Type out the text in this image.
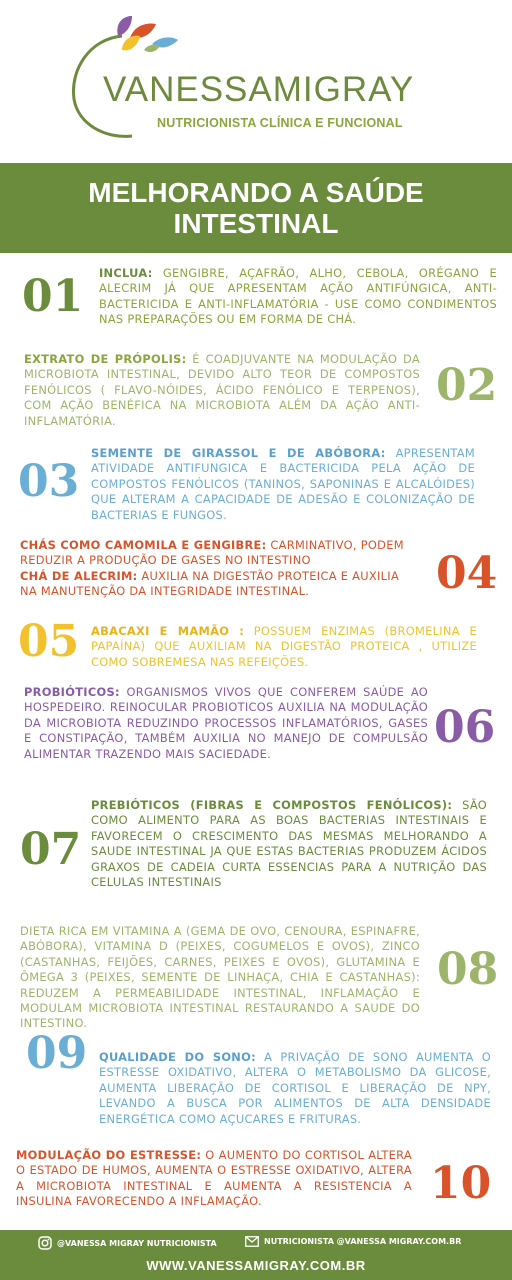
VANESSAMIGRAY
NUTRICIONISTA CLÍNICA E FUNCIONAL
MELHORANDO A SAÚDE INTESTINAL
01 INCLUA: GENGIBRE, AÇAFRÃO, ALHO, CEBOLA, ORÉGANO E ALECRIM JÁ QUE APRESENTAM AÇÃO ANTIFÚNGICA, ANTI-BACTERICIDA E ANTI-INFLAMATÓRIA - USE COMO CONDIMENTOS NAS PREPARAÇÕES OU EM FORMA DE CHÁ.
02
EXTRATO DE PRÓPOLIS: É COADJUVANTE NA MODULAÇÃO DA MICROBIOTA INTESTINAL, DEVIDO ALTO TEOR DE COMPOSTOS FENÓLICOS ( FLAVO-NÓIDES, ÁCIDO FENÓLICO E TERPENOS), COM AÇÃO BENÉFICA NA MICROBIOTA ALÉM DA AÇÃO ANTI-INFLAMATÓRIA.
03
SEMENTE DE GIRASSOL E DE ABÓBORA: APRESENTAM ATIVIDADE ANTIFUNGICA E BACTERICIDA PELA AÇÃO DE COMPOSTOS FENÓLICOS (TANINOS, SAPONINAS E ALCALÓIDES) QUE ALTERAM A CAPACIDADE DE ADESÃO E COLONIZAÇÃO DE BACTERIAS E FUNGOS.
04
CHÁS COMO CAMOMILA E GENGIBRE: CARMINATIVO, PODEM REDUZIR A PRODUÇÃO DE GASES NO INTESTINO
CHÁ DE ALECRIM: AUXILIA NA DIGESTÃO PROTEICA E AUXILIA NA MANUTENÇÃO DA INTEGRIDADE INTESTINAL.
05 ABACAXI E MAMÃO : POSSUEM ENZIMAS (BROMELINA E PAPAÍNA) QUE AUXILIAM NA DIGESTÃO PROTEICA , UTILIZE COMO SOBREMESA NAS REFEIÇÕES.
06
PROBIÓTICOS: ORGANISMOS VIVOS QUE CONFEREM SAÚDE AO HOSPEDEIRO. REINOCULAR PROBIOTICOS AUXILIA NA MODULAÇÃO DA MICROBIOTA REDUZINDO PROCESSOS INFLAMATÓRIOS, GASES E CONSTIPAÇÃO, TAMBÉM AUXILIA NO MANEJO DE COMPULSÃO ALIMENTAR TRAZENDO MAIS SACIEDADE.
07
PREBIÓTICOS (FIBRAS E COMPOSTOS FENÓLICOS): SÃO COMO ALIMENTO PARA AS BOAS BACTERIAS INTESTINAIS E FAVORECEM O CRESCIMENTO DAS MESMAS MELHORANDO A SAUDE INTESTINAL JA QUE ESTAS BACTERIAS PRODUZEM ÁCIDOS GRAXOS DE CADEIA CURTA ESSENCIAS PARA A NUTRIÇÃO DAS CELULAS INTESTINAIS
08
DIETA RICA EM VITAMINA A (GEMA DE OVO, CENOURA, ESPINAFRE, ABÓBORA), VITAMINA D (PEIXES, COGUMELOS E OVOS), ZINCO (CASTANHAS, FEIJÕES, CARNES, PEIXES E OVOS), GLUTAMINA E ÔMEGA 3 (PEIXES, SEMENTE DE LINHAÇA, CHIA E CASTANHAS): REDUZEM A PERMEABILIDADE INTESTINAL, INFLAMAÇÃO E MODULAM MICROBIOTA INTESTINAL RESTAURANDO A SAUDE DO INTESTINO.
09 QUALIDADE DO SONO: A PRIVAÇÃO DE SONO AUMENTA O ESTRESSE OXIDATIVO, ALTERA O METABOLISMO DA GLICOSE, AUMENTA LIBERAÇÃO DE CORTISOL E LIBERAÇÃO DE NPY, LEVANDO A BUSCA POR ALIMENTOS DE ALTA DENSIDADE ENERGÉTICA COMO AÇUCARES E FRITURAS.
10
MODULAÇÃO DO ESTRESSE: O AUMENTO DO CORTISOL ALTERA O ESTADO DE HUMOS, AUMENTA O ESTRESSE OXIDATIVO, ALTERA A MICROBIOTA INTESTINAL E AUMENTA A RESISTENCIA A INSULINA FAVORECENDO A INFLAMAÇÃO.
@VANESSA MIGRAY NUTRICIONISTA	NUTRICIONISTA @VANESSA MIGRAY.COM.BR
WWW.VANESSAMIGRAY.COM.BR
